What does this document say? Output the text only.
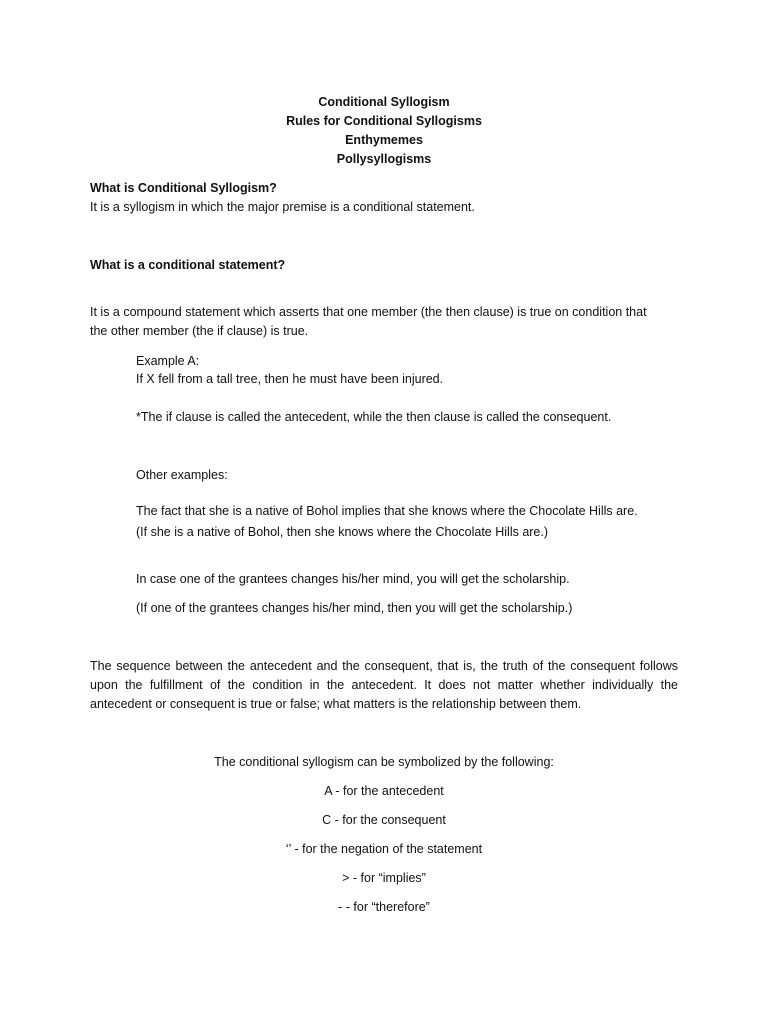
Conditional Syllogism
Rules for Conditional Syllogisms
Enthymemes
Pollysyllogisms
What is Conditional Syllogism?
It is a syllogism in which the major premise is a conditional statement.
What is a conditional statement?
It is a compound statement which asserts that one member (the then clause) is true on condition that
the other member (the if clause) is true.
Example A:
If X fell from a tall tree, then he must have been injured.
*The if clause is called the antecedent, while the then clause is called the consequent.
Other examples:
The fact that she is a native of Bohol implies that she knows where the Chocolate Hills are.
(If she is a native of Bohol, then she knows where the Chocolate Hills are.)
In case one of the grantees changes his/her mind, you will get the scholarship.
(If one of the grantees changes his/her mind, then you will get the scholarship.)
The sequence between the antecedent and the consequent, that is, the truth of the consequent follows upon the fulfillment of the condition in the antecedent. It does not matter whether individually the antecedent or consequent is true or false; what matters is the relationship between them.
The conditional syllogism can be symbolized by the following:
A - for the antecedent
C - for the consequent
‘’ - for the negation of the statement
> - for “implies”
- - for “therefore”
